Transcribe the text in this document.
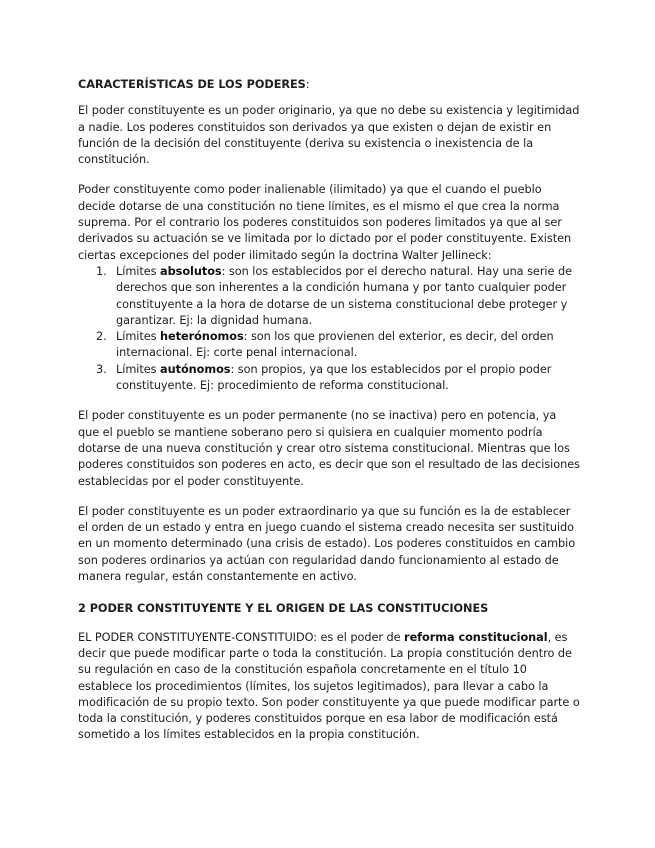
CARACTERÍSTICAS DE LOS PODERES:

El poder constituyente es un poder originario, ya que no debe su existencia y legitimidad a nadie. Los poderes constituidos son derivados ya que existen o dejan de existir en función de la decisión del constituyente (deriva su existencia o inexistencia de la constitución.

Poder constituyente como poder inalienable (ilimitado) ya que el cuando el pueblo decide dotarse de una constitución no tiene límites, es el mismo el que crea la norma suprema. Por el contrario los poderes constituidos son poderes limitados ya que al ser derivados su actuación se ve limitada por lo dictado por el poder constituyente. Existen ciertas excepciones del poder ilimitado según la doctrina Walter Jellineck:

1. Límites absolutos: son los establecidos por el derecho natural. Hay una serie de derechos que son inherentes a la condición humana y por tanto cualquier poder constituyente a la hora de dotarse de un sistema constitucional debe proteger y garantizar. Ej: la dignidad humana.
2. Límites heterónomos: son los que provienen del exterior, es decir, del orden internacional. Ej: corte penal internacional.
3. Límites autónomos: son propios, ya que los establecidos por el propio poder constituyente. Ej: procedimiento de reforma constitucional.

El poder constituyente es un poder permanente (no se inactiva) pero en potencia, ya que el pueblo se mantiene soberano pero si quisiera en cualquier momento podría dotarse de una nueva constitución y crear otro sistema constitucional. Mientras que los poderes constituidos son poderes en acto, es decir que son el resultado de las decisiones establecidas por el poder constituyente.

El poder constituyente es un poder extraordinario ya que su función es la de establecer el orden de un estado y entra en juego cuando el sistema creado necesita ser sustituido en un momento determinado (una crisis de estado). Los poderes constituidos en cambio son poderes ordinarios ya actúan con regularidad dando funcionamiento al estado de manera regular, están constantemente en activo.

2 PODER CONSTITUYENTE Y EL ORIGEN DE LAS CONSTITUCIONES

EL PODER CONSTITUYENTE-CONSTITUIDO: es el poder de reforma constitucional, es decir que puede modificar parte o toda la constitución. La propia constitución dentro de su regulación en caso de la constitución española concretamente en el título 10 establece los procedimientos (límites, los sujetos legitimados), para llevar a cabo la modificación de su propio texto. Son poder constituyente ya que puede modificar parte o toda la constitución, y poderes constituidos porque en esa labor de modificación está sometido a los límites establecidos en la propia constitución.
